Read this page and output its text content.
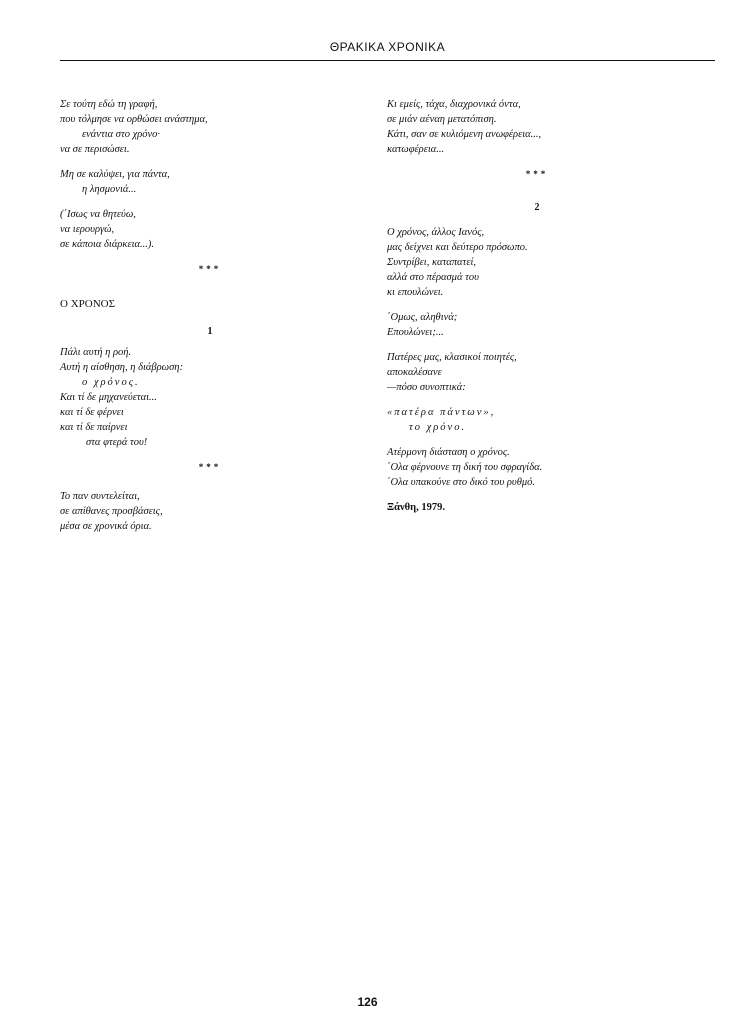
ΘΡΑΚΙΚΑ ΧΡΟΝΙΚΑ
Σε τούτη εδώ τη γραφή,
που τόλμησε να ορθώσει ανάστημα,
ενάντια στο χρόνο·
να σε περισώσει.
Μη σε καλύψει, για πάντα,
η λησμονιά...
(΄Ισως να θητεύω,
να ιερουργώ,
σε κάποια διάρκεια...).
***
Ο ΧΡΟΝΟΣ
1
Πάλι αυτή η ροή.
Αυτή η αίσθηση, η διάβρωση:
ο χρόνος.
Και τί δε μηχανεύεται...
και τί δε φέρνει
και τί δε παίρνει
στα φτερά του!
***
Το παν συντελείται,
σε απίθανες προσβάσεις,
μέσα σε χρονικά όρια.
Κι εμείς, τάχα, διαχρονικά όντα,
σε μιάν αέναη μετατόπιση.
Κάτι, σαν σε κυλιόμενη ανωφέρεια...,
κατωφέρεια...
***
2
Ο χρόνος, άλλος Ιανός,
μας δείχνει και δεύτερο πρόσωπο.
Συντρίβει, καταπατεί,
αλλά στο πέρασμά του
κι επουλώνει.
΄Ομως, αληθινά;
Επουλώνει;...
Πατέρες μας, κλασικοί ποιητές,
αποκαλέσανε
—πόσο συνοπτικά:
«πατέρα πάντων»,
το χρόνο.
Ατέρμονη διάσταση ο χρόνος.
΄Ολα φέρνουνε τη δική του σφραγίδα.
΄Ολα υπακούνε στο δικό του ρυθμό.
Ξάνθη, 1979.
126
